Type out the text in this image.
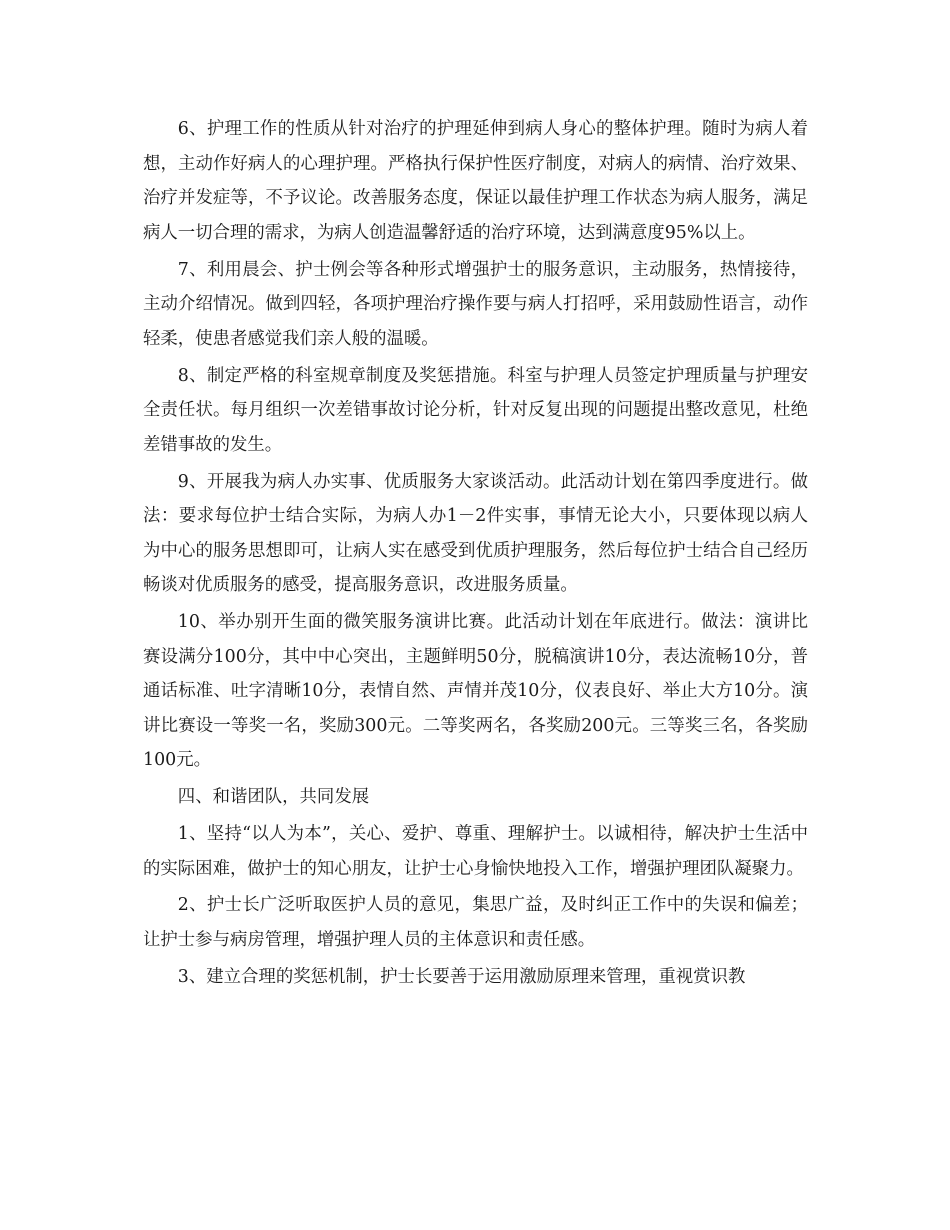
6、护理工作的性质从针对治疗的护理延伸到病人身心的整体护理。随时为病人着想，主动作好病人的心理护理。严格执行保护性医疗制度，对病人的病情、治疗效果、治疗并发症等，不予议论。改善服务态度，保证以最佳护理工作状态为病人服务，满足病人一切合理的需求，为病人创造温馨舒适的治疗环境，达到满意度95%以上。

7、利用晨会、护士例会等各种形式增强护士的服务意识，主动服务，热情接待，主动介绍情况。做到四轻，各项护理治疗操作要与病人打招呼，采用鼓励性语言，动作轻柔，使患者感觉我们亲人般的温暖。

8、制定严格的科室规章制度及奖惩措施。科室与护理人员签定护理质量与护理安全责任状。每月组织一次差错事故讨论分析，针对反复出现的问题提出整改意见，杜绝差错事故的发生。

9、开展我为病人办实事、优质服务大家谈活动。此活动计划在第四季度进行。做法：要求每位护士结合实际，为病人办1－2件实事，事情无论大小，只要体现以病人为中心的服务思想即可，让病人实在感受到优质护理服务，然后每位护士结合自己经历畅谈对优质服务的感受，提高服务意识，改进服务质量。

10、举办别开生面的微笑服务演讲比赛。此活动计划在年底进行。做法：演讲比赛设满分100分，其中中心突出，主题鲜明50分，脱稿演讲10分，表达流畅10分，普通话标准、吐字清晰10分，表情自然、声情并茂10分，仪表良好、举止大方10分。演讲比赛设一等奖一名，奖励300元。二等奖两名，各奖励200元。三等奖三名，各奖励100元。

四、和谐团队，共同发展

1、坚持“以人为本”，关心、爱护、尊重、理解护士。以诚相待，解决护士生活中的实际困难，做护士的知心朋友，让护士心身愉快地投入工作，增强护理团队凝聚力。

2、护士长广泛听取医护人员的意见，集思广益，及时纠正工作中的失误和偏差；让护士参与病房管理，增强护理人员的主体意识和责任感。

3、建立合理的奖惩机制，护士长要善于运用激励原理来管理，重视赏识教
